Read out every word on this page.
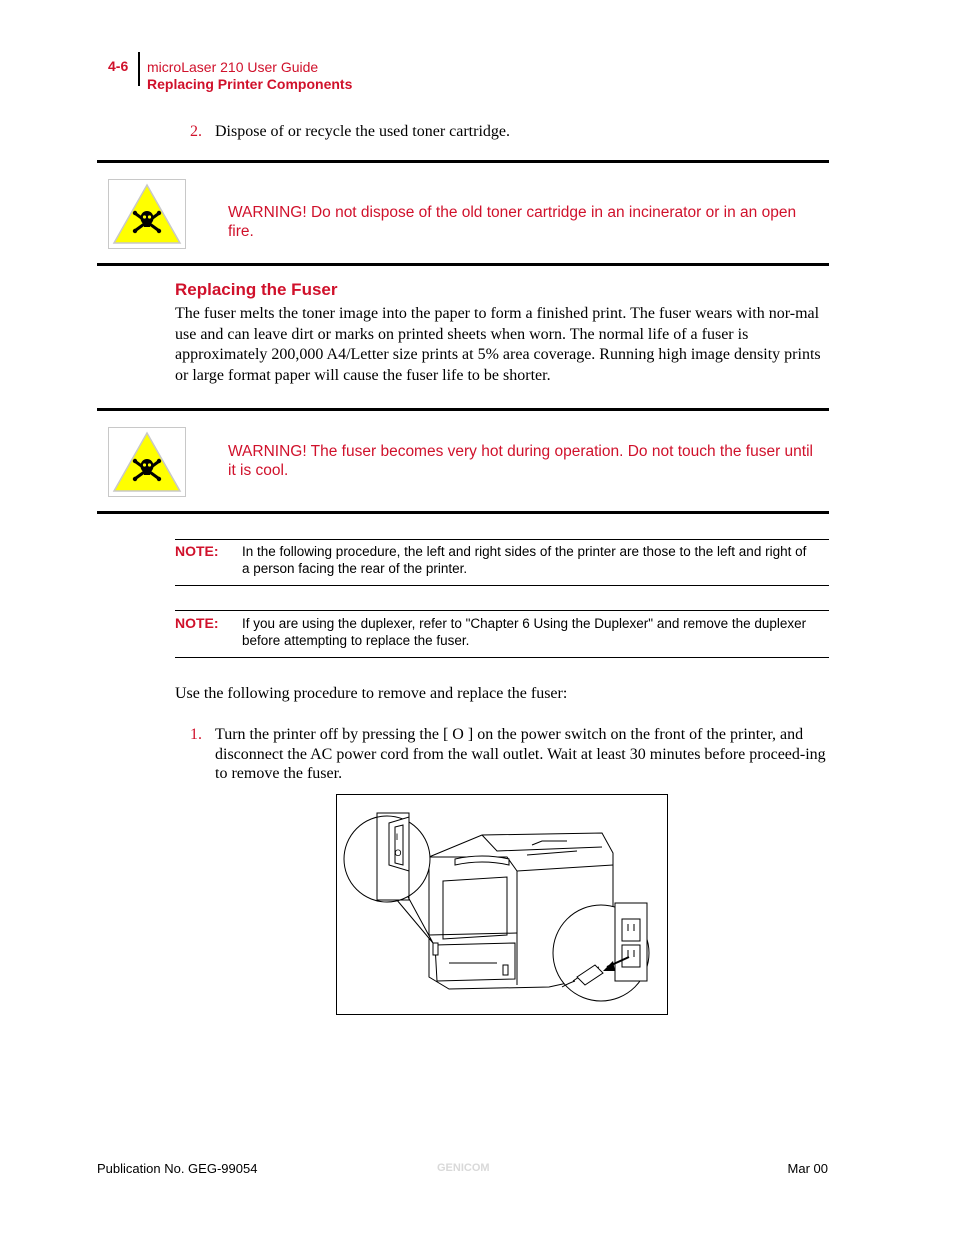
4-6 microLaser 210 User Guide
Replacing Printer Components
2. Dispose of or recycle the used toner cartridge.
WARNING! Do not dispose of the old toner cartridge in an incinerator or in an open fire.
Replacing the Fuser
The fuser melts the toner image into the paper to form a finished print. The fuser wears with nor-mal use and can leave dirt or marks on printed sheets when worn. The normal life of a fuser is approximately 200,000 A4/Letter size prints at 5% area coverage. Running high image density prints or large format paper will cause the fuser life to be shorter.
WARNING! The fuser becomes very hot during operation. Do not touch the fuser until it is cool.
NOTE: In the following procedure, the left and right sides of the printer are those to the left and right of a person facing the rear of the printer.
NOTE: If you are using the duplexer, refer to "Chapter 6 Using the Duplexer" and remove the duplexer before attempting to replace the fuser.
Use the following procedure to remove and replace the fuser:
1. Turn the printer off by pressing the [ O ] on the power switch on the front of the printer, and disconnect the AC power cord from the wall outlet. Wait at least 30 minutes before proceed-ing to remove the fuser.
I
O
Publication No. GEG-99054	GENICOM	Mar 00
